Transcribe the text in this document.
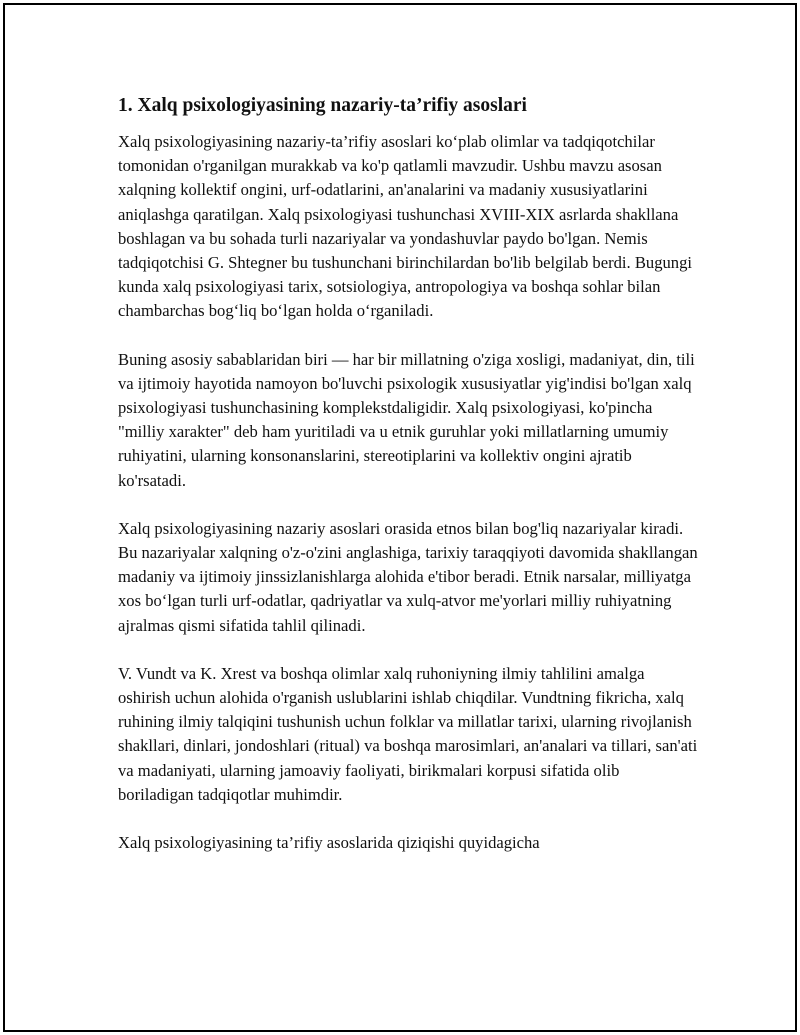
1. Xalq psixologiyasining nazariy-ta’rifiy asoslari

Xalq psixologiyasining nazariy-ta’rifiy asoslari ko‘plab olimlar va tadqiqotchilar tomonidan o'rganilgan murakkab va ko'p qatlamli mavzudir. Ushbu mavzu asosan xalqning kollektif ongini, urf-odatlarini, an'analarini va madaniy xususiyatlarini aniqlashga qaratilgan. Xalq psixologiyasi tushunchasi XVIII-XIX asrlarda shakllana boshlagan va bu sohada turli nazariyalar va yondashuvlar paydo bo'lgan. Nemis tadqiqotchisi G. Shtegner bu tushunchani birinchilardan bo'lib belgilab berdi. Bugungi kunda xalq psixologiyasi tarix, sotsiologiya, antropologiya va boshqa sohlar bilan chambarchas bog‘liq bo‘lgan holda o‘rganiladi.

Buning asosiy sabablaridan biri — har bir millatning o'ziga xosligi, madaniyat, din, tili va ijtimoiy hayotida namoyon bo'luvchi psixologik xususiyatlar yig'indisi bo'lgan xalq psixologiyasi tushunchasining komplekstdaligidir. Xalq psixologiyasi, ko'pincha "milliy xarakter" deb ham yuritiladi va u etnik guruhlar yoki millatlarning umumiy ruhiyatini, ularning konsonanslarini, stereotiplarini va kollektiv ongini ajratib ko'rsatadi.

Xalq psixologiyasining nazariy asoslari orasida etnos bilan bog'liq nazariyalar kiradi. Bu nazariyalar xalqning o'z-o'zini anglashiga, tarixiy taraqqiyoti davomida shakllangan madaniy va ijtimoiy jinssizlanishlarga alohida e'tibor beradi. Etnik narsalar, milliyatga xos bo‘lgan turli urf-odatlar, qadriyatlar va xulq-atvor me'yorlari milliy ruhiyatning ajralmas qismi sifatida tahlil qilinadi.

V. Vundt va K. Xrest va boshqa olimlar xalq ruhoniyning ilmiy tahlilini amalga oshirish uchun alohida o'rganish uslublarini ishlab chiqdilar. Vundtning fikricha, xalq ruhining ilmiy talqiqini tushunish uchun folklar va millatlar tarixi, ularning rivojlanish shakllari, dinlari, jondoshlari (ritual) va boshqa marosimlari, an'analari va tillari, san'ati va madaniyati, ularning jamoaviy faoliyati, birikmalari korpusi sifatida olib boriladigan tadqiqotlar muhimdir.

Xalq psixologiyasining ta’rifiy asoslarida qiziqishi quyidagicha
